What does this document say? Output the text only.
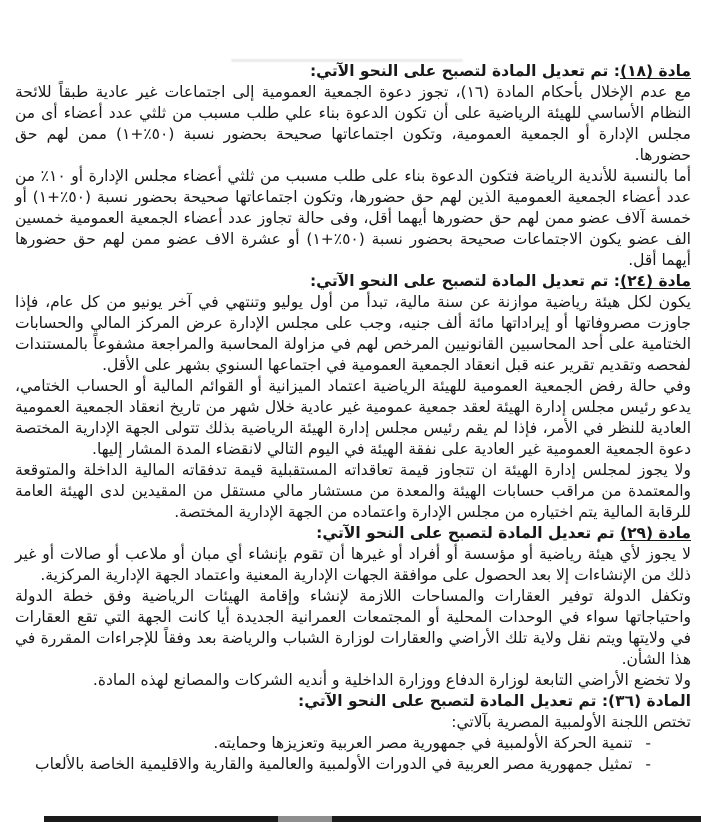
مادة (١٨): تم تعديل المادة لتصبح على النحو الآتي:
مع عدم الإخلال بأحكام المادة (١٦)، تجوز دعوة الجمعية العمومية إلى اجتماعات غير عادية طبقاً للائحة النظام الأساسي للهيئة الرياضية على أن تكون الدعوة بناء علي طلب مسبب من ثلثي عدد أعضاء أى من مجلس الإدارة أو الجمعية العمومية، وتكون اجتماعاتها صحيحة بحضور نسبة (٥٠٪+١) ممن لهم حق حضورها.
أما بالنسبة للأندية الرياضة فتكون الدعوة بناء على طلب مسبب من ثلثي أعضاء مجلس الإدارة أو ١٠٪ من عدد أعضاء الجمعية العمومية الذين لهم حق حضورها، وتكون اجتماعاتها صحيحة بحضور نسبة (٥٠٪+١) أو خمسة آلاف عضو ممن لهم حق حضورها أيهما أقل، وفى حالة تجاوز عدد أعضاء الجمعية العمومية خمسين الف عضو يكون الاجتماعات صحيحة بحضور نسبة (٥٠٪+١) أو عشرة الاف عضو ممن لهم حق حضورها أيهما أقل.
مادة (٢٤): تم تعديل المادة لتصبح على النحو الآتي:
يكون لكل هيئة رياضية موازنة عن سنة مالية، تبدأ من أول يوليو وتنتهي في آخر يونيو من كل عام، فإذا جاوزت مصروفاتها أو إيراداتها مائة ألف جنيه، وجب على مجلس الإدارة عرض المركز المالي والحسابات الختامية على أحد المحاسبين القانونيين المرخص لهم في مزاولة المحاسبة والمراجعة مشفوعاً بالمستندات لفحصه وتقديم تقرير عنه قبل انعقاد الجمعية العمومية في اجتماعها السنوي بشهر على الأقل.
وفي حالة رفض الجمعية العمومية للهيئة الرياضية اعتماد الميزانية أو القوائم المالية أو الحساب الختامي، يدعو رئيس مجلس إدارة الهيئة لعقد جمعية عمومية غير عادية خلال شهر من تاريخ انعقاد الجمعية العمومية العادية للنظر في الأمر، فإذا لم يقم رئيس مجلس إدارة الهيئة الرياضية بذلك تتولى الجهة الإدارية المختصة دعوة الجمعية العمومية غير العادية على نفقة الهيئة في اليوم التالي لانقضاء المدة المشار إليها.
ولا يجوز لمجلس إدارة الهيئة ان تتجاوز قيمة تعاقداته المستقبلية قيمة تدفقاته المالية الداخلة والمتوقعة والمعتمدة من مراقب حسابات الهيئة والمعدة من مستشار مالي مستقل من المقيدين لدى الهيئة العامة للرقابة المالية يتم اختياره من مجلس الإدارة واعتماده من الجهة الإدارية المختصة.
مادة (٢٩) تم تعديل المادة لتصبح على النحو الآتي:
لا يجوز لأي هيئة رياضية أو مؤسسة أو أفراد أو غيرها أن تقوم بإنشاء أي مبان أو ملاعب أو صالات أو غير ذلك من الإنشاءات إلا بعد الحصول على موافقة الجهات الإدارية المعنية واعتماد الجهة الإدارية المركزية.
وتكفل الدولة توفير العقارات والمساحات اللازمة لإنشاء وإقامة الهيئات الرياضية وفق خطة الدولة واحتياجاتها سواء في الوحدات المحلية أو المجتمعات العمرانية الجديدة أيا كانت الجهة التي تقع العقارات في ولايتها ويتم نقل ولاية تلك الأراضي والعقارات لوزارة الشباب والرياضة بعد وفقاً للإجراءات المقررة في هذا الشأن.
ولا تخضع الأراضي التابعة لوزارة الدفاع ووزارة الداخلية و أنديه الشركات والمصانع لهذه المادة.
المادة (٣٦): تم تعديل المادة لتصبح على النحو الآتي:
تختص اللجنة الأولمبية المصرية بآلاتي:
-
تنمية الحركة الأولمبية في جمهورية مصر العربية وتعزيزها وحمايته.
-
تمثيل جمهورية مصر العربية في الدورات الأولمبية والعالمية والقارية والاقليمية الخاصة بالألعاب
